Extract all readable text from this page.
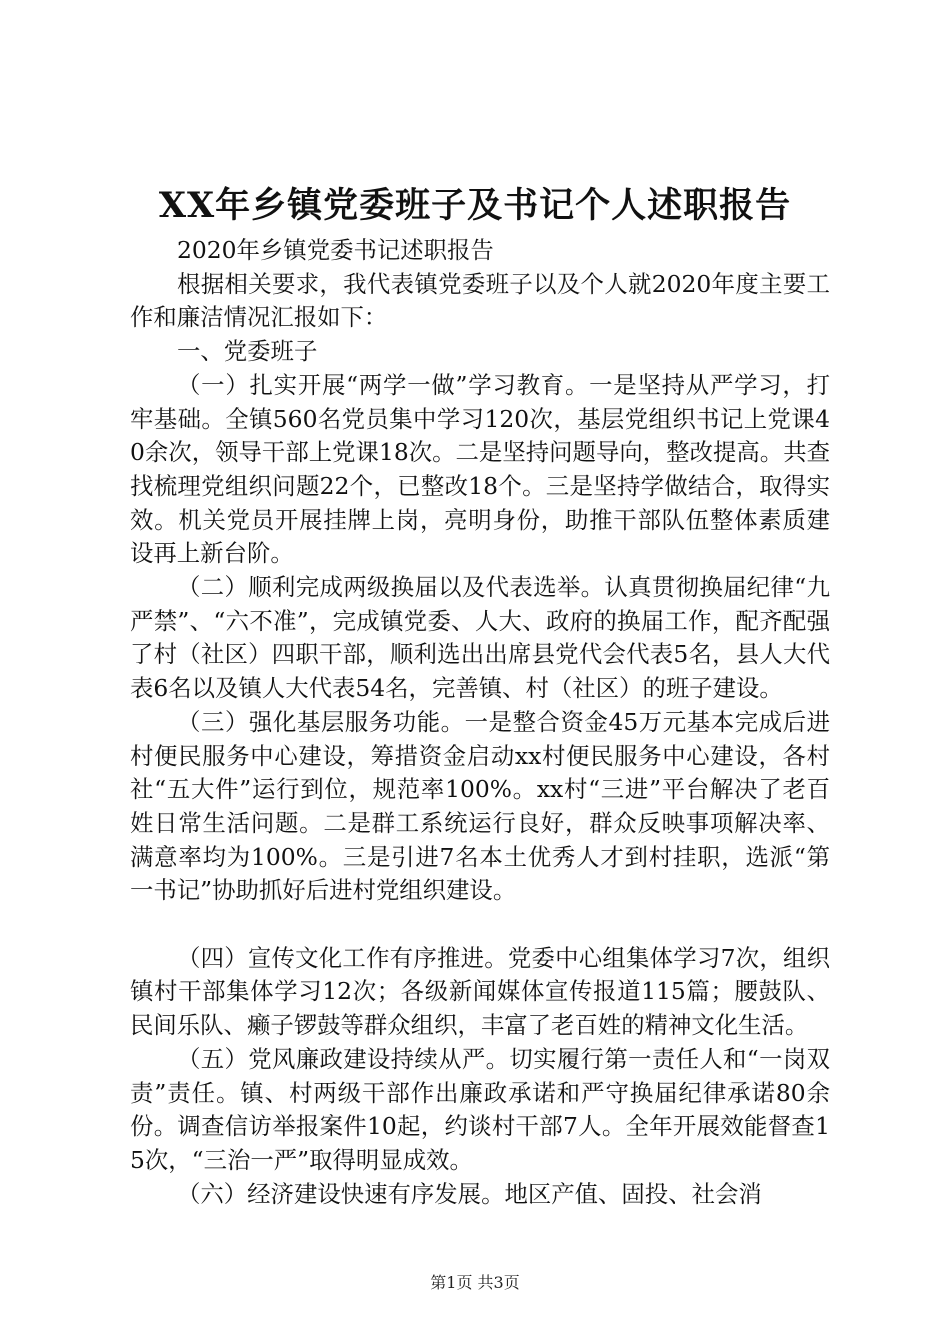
XX年乡镇党委班子及书记个人述职报告

2020年乡镇党委书记述职报告

根据相关要求，我代表镇党委班子以及个人就2020年度主要工作和廉洁情况汇报如下：

一、党委班子

（一）扎实开展“两学一做”学习教育。一是坚持从严学习，打牢基础。全镇560名党员集中学习120次，基层党组织书记上党课40余次，领导干部上党课18次。二是坚持问题导向，整改提高。共查找梳理党组织问题22个，已整改18个。三是坚持学做结合，取得实效。机关党员开展挂牌上岗，亮明身份，助推干部队伍整体素质建设再上新台阶。

（二）顺利完成两级换届以及代表选举。认真贯彻换届纪律“九严禁”、“六不准”，完成镇党委、人大、政府的换届工作，配齐配强了村（社区）四职干部，顺利选出出席县党代会代表5名，县人大代表6名以及镇人大代表54名，完善镇、村（社区）的班子建设。

（三）强化基层服务功能。一是整合资金45万元基本完成后进村便民服务中心建设，筹措资金启动xx村便民服务中心建设，各村社“五大件”运行到位，规范率100%。xx村“三进”平台解决了老百姓日常生活问题。二是群工系统运行良好，群众反映事项解决率、满意率均为100%。三是引进7名本土优秀人才到村挂职，选派“第一书记”协助抓好后进村党组织建设。

（四）宣传文化工作有序推进。党委中心组集体学习7次，组织镇村干部集体学习12次；各级新闻媒体宣传报道115篇；腰鼓队、民间乐队、癞子锣鼓等群众组织，丰富了老百姓的精神文化生活。

（五）党风廉政建设持续从严。切实履行第一责任人和“一岗双责”责任。镇、村两级干部作出廉政承诺和严守换届纪律承诺80余份。调查信访举报案件10起，约谈村干部7人。全年开展效能督查15次，“三治一严”取得明显成效。

（六）经济建设快速有序发展。地区产值、固投、社会消

第1页 共3页
